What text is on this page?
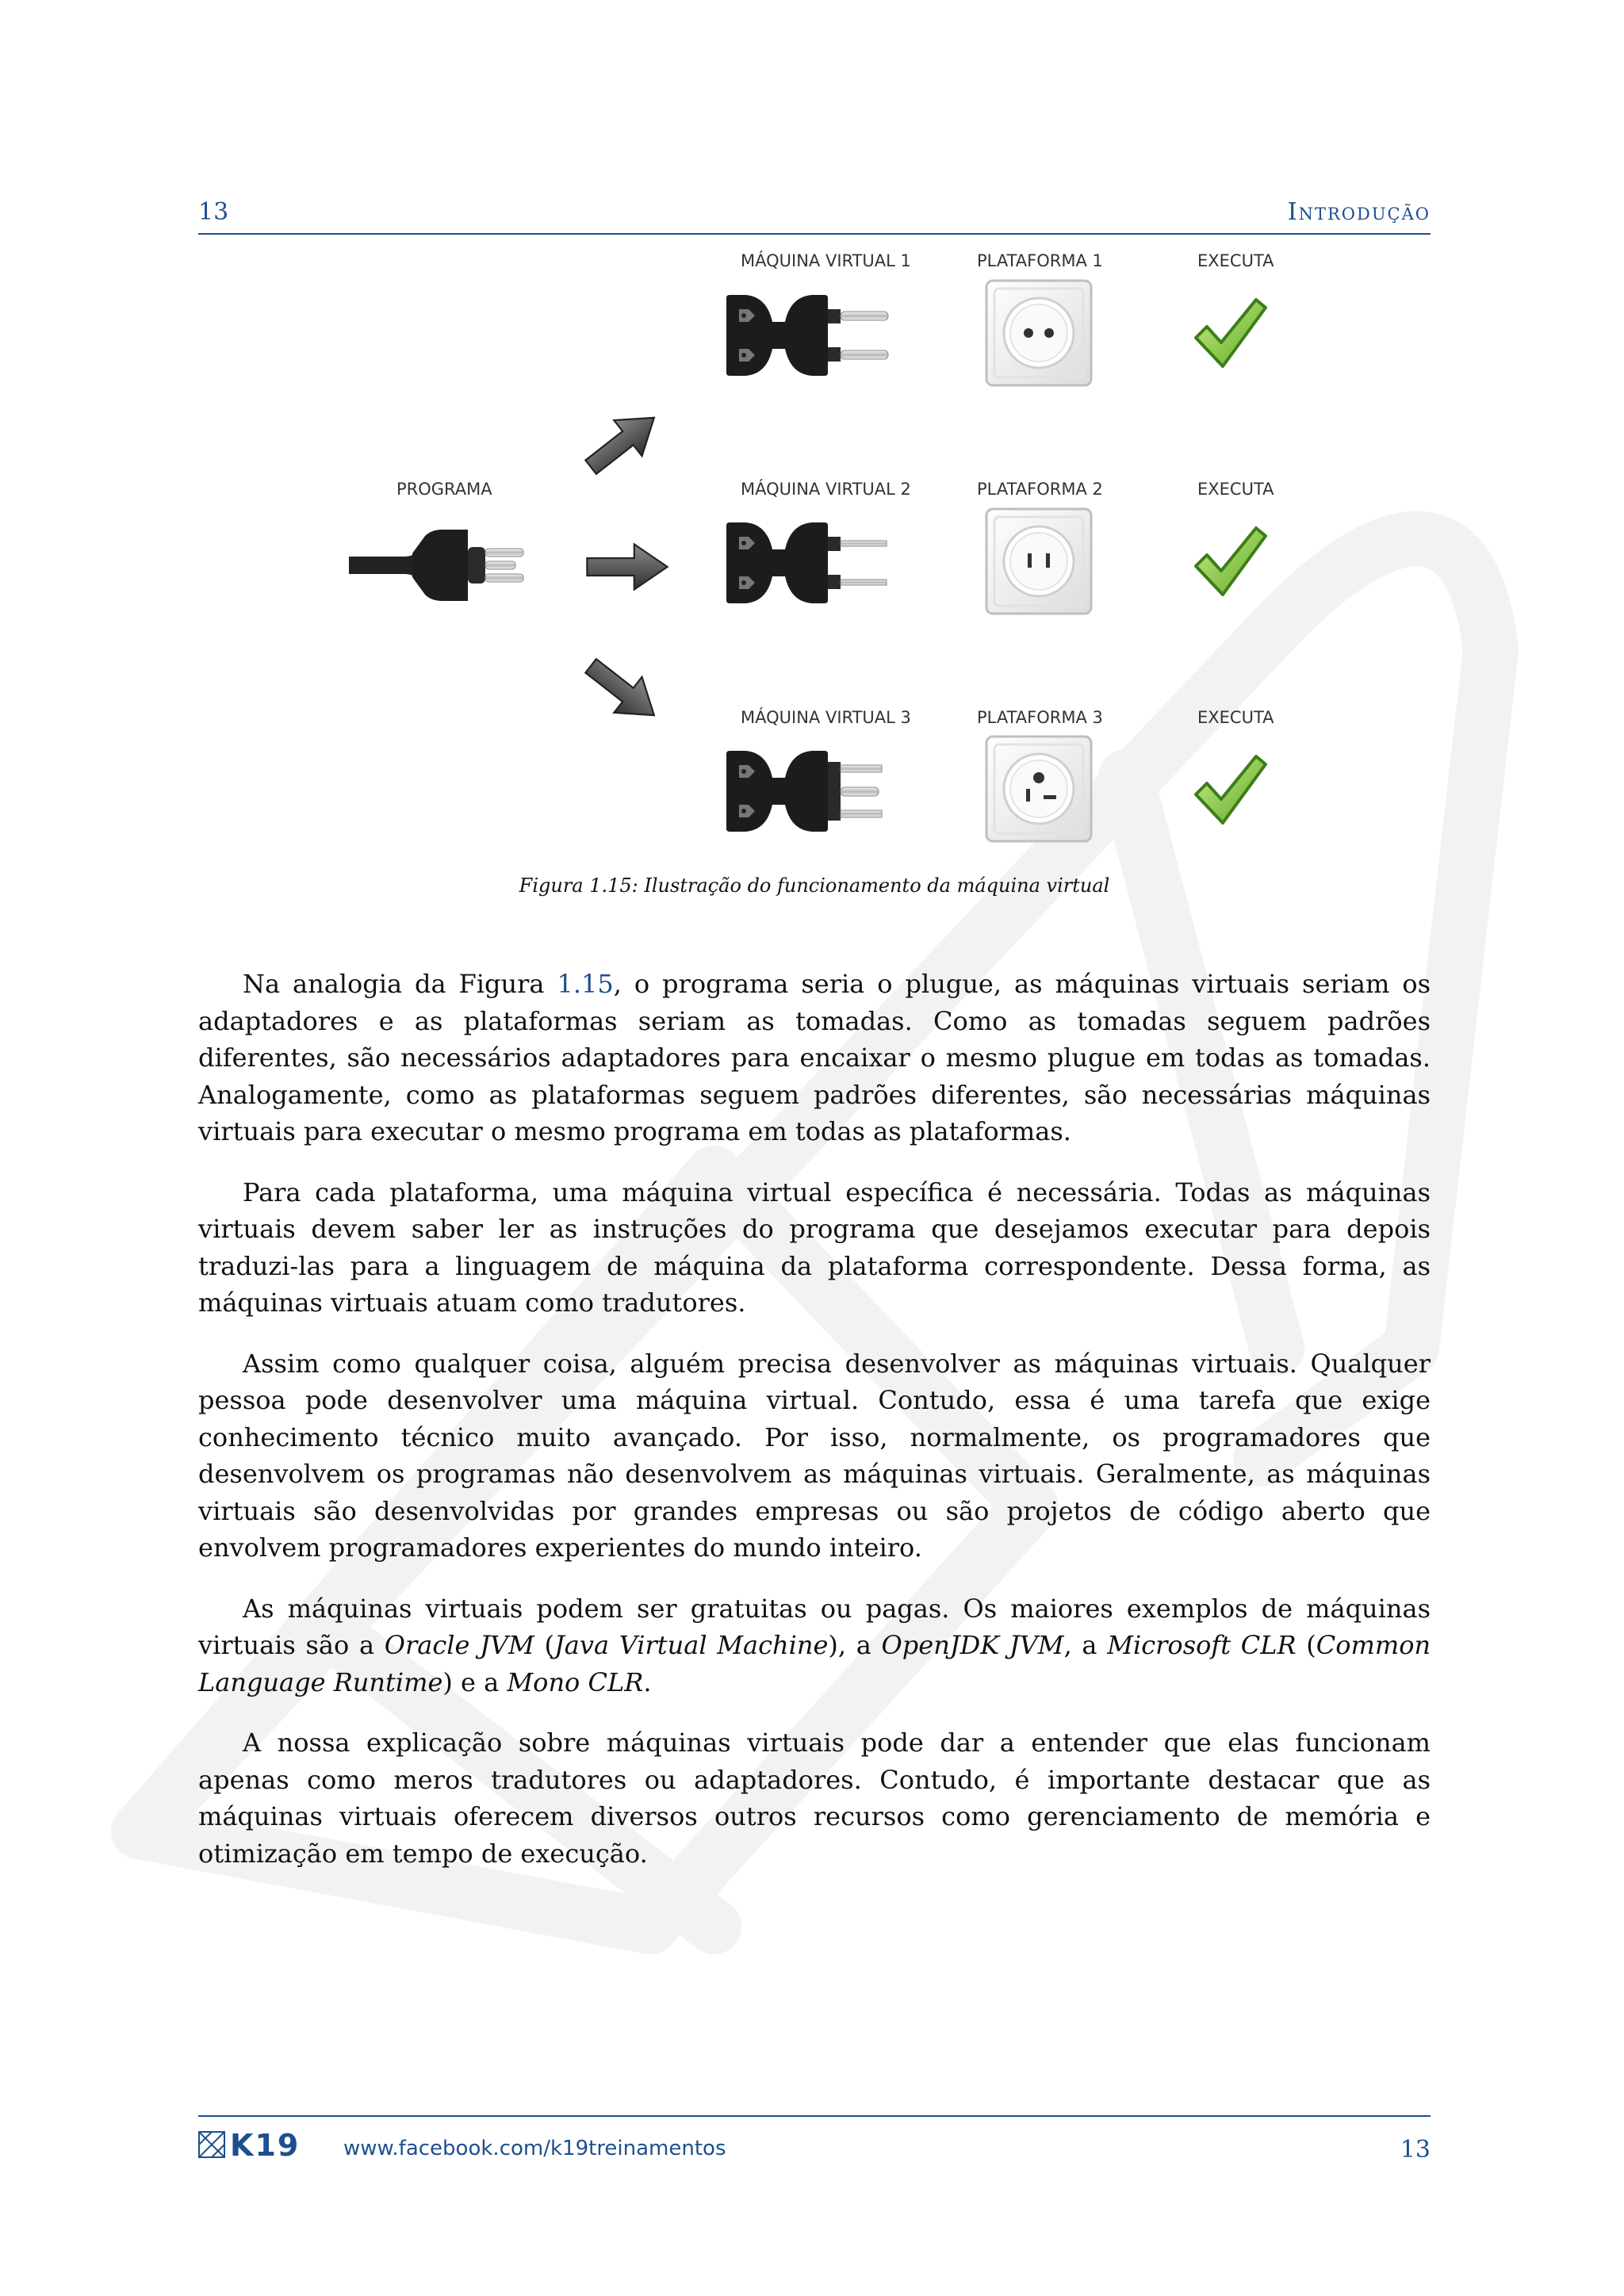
13	Introdução
MÁQUINA VIRTUAL 1	PLATAFORMA 1	EXECUTA
PROGRAMA	MÁQUINA VIRTUAL 2	PLATAFORMA 2	EXECUTA
MÁQUINA VIRTUAL 3	PLATAFORMA 3	EXECUTA
Figura 1.15: Ilustração do funcionamento da máquina virtual

Na analogia da Figura 1.15, o programa seria o plugue, as máquinas virtuais seriam os adaptadores e as plataformas seriam as tomadas. Como as tomadas seguem padrões diferentes, são necessários adaptadores para encaixar o mesmo plugue em todas as tomadas. Analogamente, como as plataformas seguem padrões diferentes, são necessárias máquinas virtuais para executar o mesmo programa em todas as plataformas.

Para cada plataforma, uma máquina virtual específica é necessária. Todas as máquinas virtuais devem saber ler as instruções do programa que desejamos executar para depois traduzi-las para a linguagem de máquina da plataforma correspondente. Dessa forma, as máquinas virtuais atuam como tradutores.

Assim como qualquer coisa, alguém precisa desenvolver as máquinas virtuais. Qualquer pessoa pode desenvolver uma máquina virtual. Contudo, essa é uma tarefa que exige conhecimento técnico muito avançado. Por isso, normalmente, os programadores que desenvolvem os programas não desenvolvem as máquinas virtuais. Geralmente, as máquinas virtuais são desenvolvidas por grandes empresas ou são projetos de código aberto que envolvem programadores experientes do mundo inteiro.

As máquinas virtuais podem ser gratuitas ou pagas. Os maiores exemplos de máquinas virtuais são a Oracle JVM (Java Virtual Machine), a OpenJDK JVM, a Microsoft CLR (Common Language Runtime) e a Mono CLR.

A nossa explicação sobre máquinas virtuais pode dar a entender que elas funcionam apenas como meros tradutores ou adaptadores. Contudo, é importante destacar que as máquinas virtuais oferecem diversos outros recursos como gerenciamento de memória e otimização em tempo de execução.

K19 www.facebook.com/k19treinamentos	13
